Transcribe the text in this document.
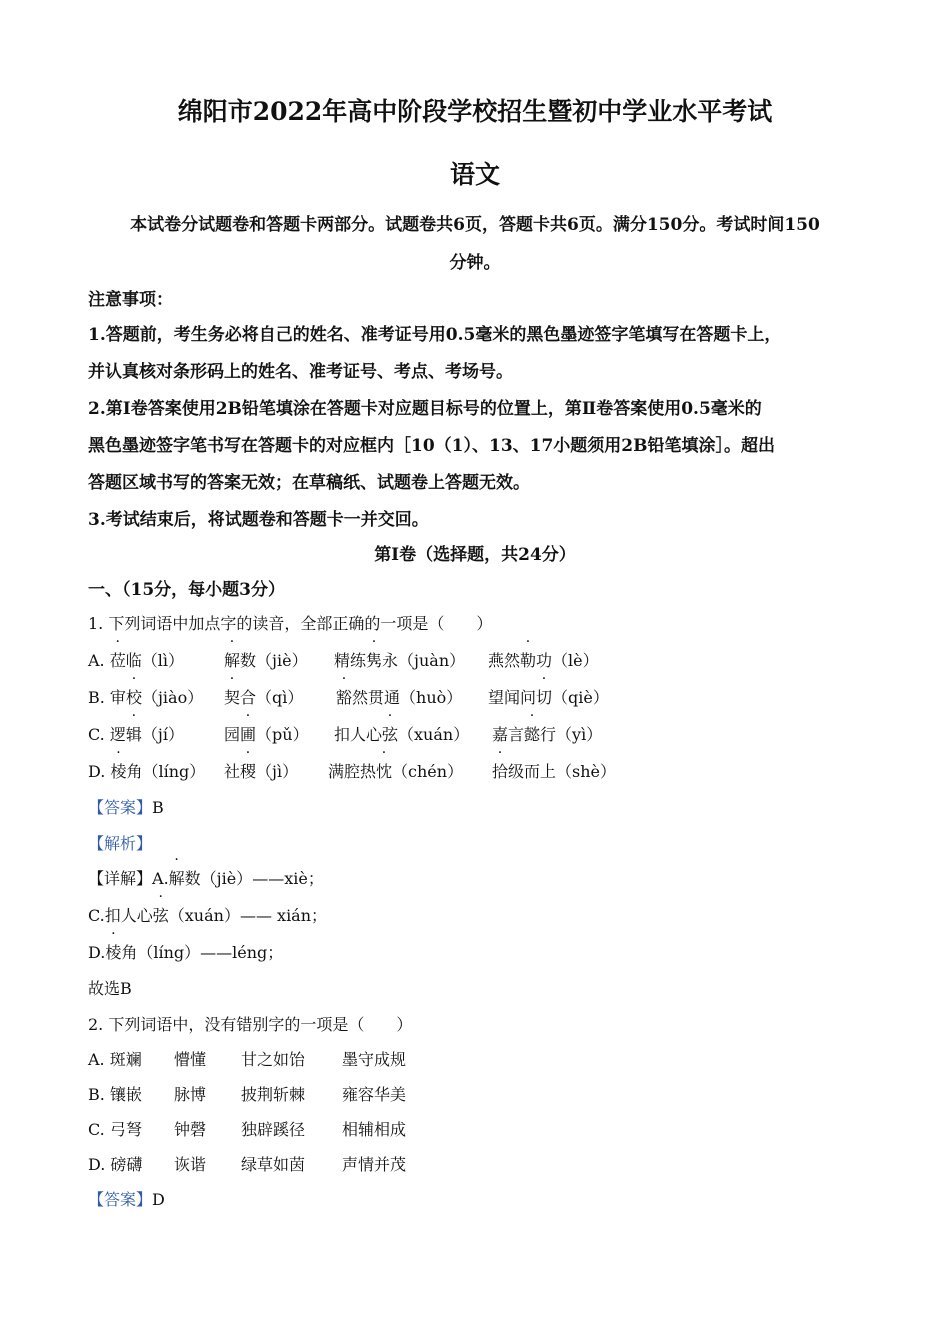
绵阳市2022年高中阶段学校招生暨初中学业水平考试
语文
本试卷分试题卷和答题卡两部分。试题卷共6页，答题卡共6页。满分150分。考试时间150
分钟。
注意事项：
1.答题前，考生务必将自己的姓名、准考证号用0.5毫米的黑色墨迹签字笔填写在答题卡上，
并认真核对条形码上的姓名、准考证号、考点、考场号。
2.第Ⅰ卷答案使用2B铅笔填涂在答题卡对应题目标号的位置上，第Ⅱ卷答案使用0.5毫米的
黑色墨迹签字笔书写在答题卡的对应框内［10（1）、13、17小题须用2B铅笔填涂］。超出
答题区域书写的答案无效；在草稿纸、试题卷上答题无效。
3.考试结束后，将试题卷和答题卡一并交回。
第Ⅰ卷（选择题，共24分）
一、（15分，每小题3分）
1. 下列词语中加点字的读音，全部正确的一项是（　　）
A. 莅临（lì）	解数（jiè） 精练隽永（juàn） 燕然勒功（lè）
B. 审校（jiào） 契合（qì） 豁然贯通（huò） 望闻问切（qiè）
C. 逻辑（jí）	园圃（pǔ） 扣人心弦（xuán） 嘉言懿行（yì）
D. 棱角（líng） 社稷（jì） 满腔热忱（chén） 拾级而上（shè）
【答案】B
【解析】
【详解】A.解数（jiè）——xiè；
C.扣人心弦（xuán）—— xián；
D.棱角（líng）——léng；
故选B
2. 下列词语中，没有错别字的一项是（　　）
A. 斑斓 懵懂 甘之如饴 墨守成规
B. 镶嵌 脉博 披荆斩棘 雍容华美
C. 弓弩 钟磬 独辟蹊径 相辅相成
D. 磅礴 诙谐 绿草如茵 声情并茂
【答案】D
